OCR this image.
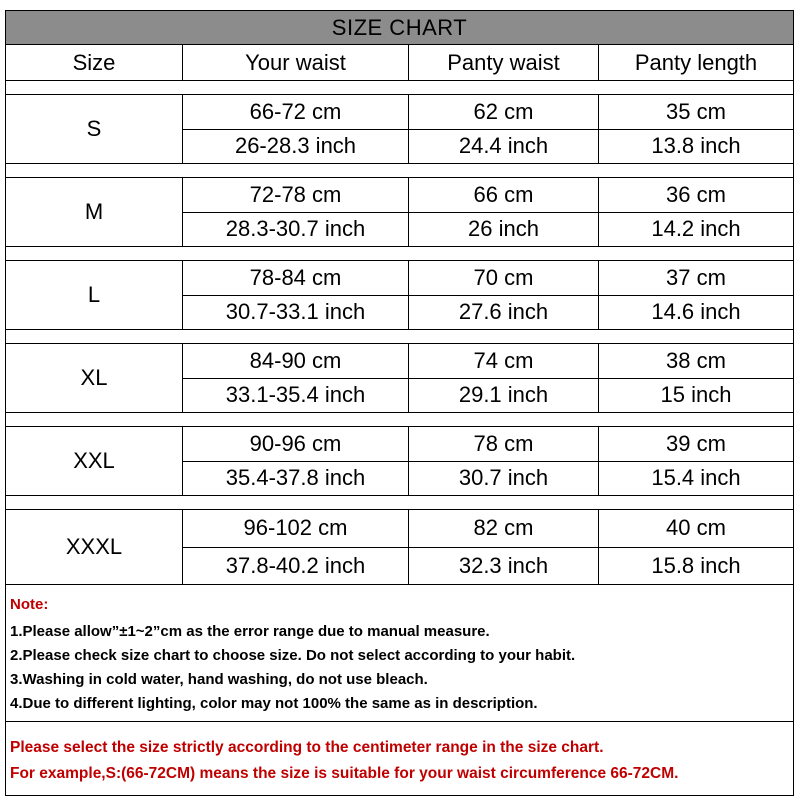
SIZE CHART
Size	Your waist	Panty waist	Panty length
S
66-72 cm	62 cm	35 cm
26-28.3 inch	24.4 inch	13.8 inch
M
72-78 cm	66 cm	36 cm
28.3-30.7 inch	26 inch	14.2 inch
L
78-84 cm	70 cm	37 cm
30.7-33.1 inch	27.6 inch	14.6 inch
XL
84-90 cm	74 cm	38 cm
33.1-35.4 inch	29.1 inch	15 inch
XXL
90-96 cm	78 cm	39 cm
35.4-37.8 inch	30.7 inch	15.4 inch
XXXL
96-102 cm	82 cm	40 cm
37.8-40.2 inch	32.3 inch	15.8 inch
Note:
1.Please allow”±1~2”cm as the error range due to manual measure.
2.Please check size chart to choose size. Do not select according to your habit.
3.Washing in cold water, hand washing, do not use bleach.
4.Due to different lighting, color may not 100% the same as in description.
Please select the size strictly according to the centimeter range in the size chart.
For example,S:(66-72CM) means the size is suitable for your waist circumference 66-72CM.
